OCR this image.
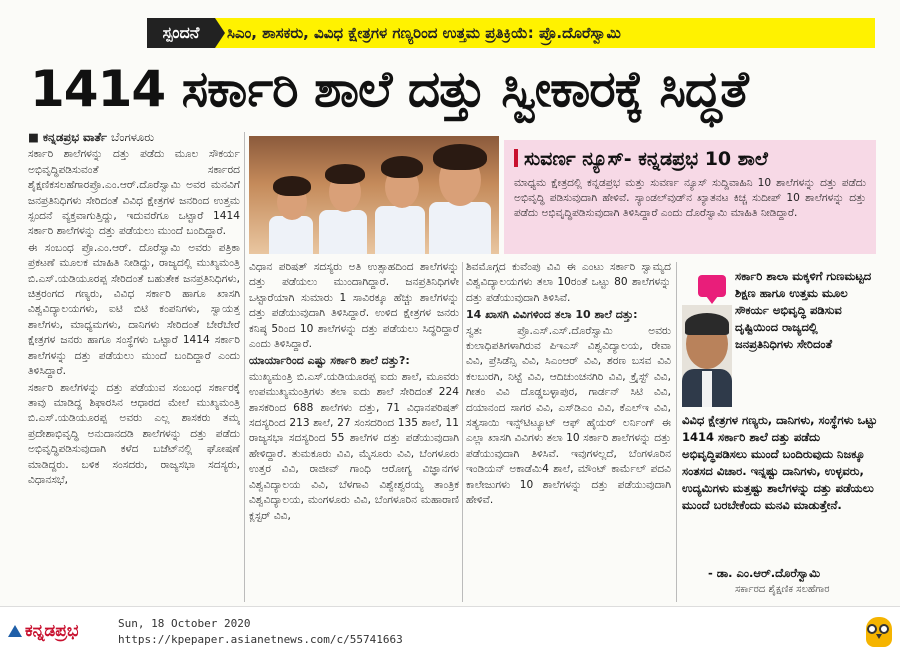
ಸ್ಪಂದನೆ	ಸಿಎಂ, ಶಾಸಕರು, ವಿವಿಧ ಕ್ಷೇತ್ರಗಳ ಗಣ್ಯರಿಂದ ಉತ್ತಮ ಪ್ರತಿಕ್ರಿಯೆ: ಪ್ರೊ.ದೊರೆಸ್ವಾಮಿ
1414 ಸರ್ಕಾರಿ ಶಾಲೆ ದತ್ತು ಸ್ವೀಕಾರಕ್ಕೆ ಸಿದ್ಧತೆ
■ ಕನ್ನಡಪ್ರಭ ವಾರ್ತೆ ಬೆಂಗಳೂರು

ಸರ್ಕಾರಿ ಶಾಲೆಗಳನ್ನು ದತ್ತು ಪಡೆದು ಮೂಲ ಸೌಕರ್ಯ ಅಭಿವೃದ್ಧಿಪಡಿಸುವಂತೆ ಸರ್ಕಾರದ ಶೈಕ್ಷಣಿಕಸಲಹೆಗಾರಪ್ರೊ.ಎಂ.ಆರ್.ದೊರೆಸ್ವಾಮಿ ಅವರ ಮನವಿಗೆ ಜನಪ್ರತಿನಿಧಿಗಳು ಸೇರಿದಂತೆ ವಿವಿಧ ಕ್ಷೇತ್ರಗಳ ಜನರಿಂದ ಉತ್ತಮ ಸ್ಪಂದನೆ ವ್ಯಕ್ತವಾಗುತ್ತಿದ್ದು, ಇದುವರೆಗೂ ಒಟ್ಟಾರೆ 1414 ಸರ್ಕಾರಿ ಶಾಲೆಗಳನ್ನು ದತ್ತು ಪಡೆಯಲು ಮುಂದೆ ಬಂದಿದ್ದಾರೆ.

ಈ ಸಂಬಂಧ ಪ್ರೊ.ಎಂ.ಆರ್. ದೊರೆಸ್ವಾಮಿ ಅವರು ಪತ್ರಿಕಾ ಪ್ರಕಟಣೆ ಮೂಲಕ ಮಾಹಿತಿ ನೀಡಿದ್ದು, ರಾಜ್ಯದಲ್ಲಿ ಮುಖ್ಯಮಂತ್ರಿ ಬಿ.ಎಸ್.ಯಡಿಯೂರಪ್ಪ ಸೇರಿದಂತೆ ಬಹುತೇಕ ಜನಪ್ರತಿನಿಧಿಗಳು, ಚಿತ್ರರಂಗದ ಗಣ್ಯರು, ವಿವಿಧ ಸರ್ಕಾರಿ ಹಾಗೂ ಖಾಸಗಿ ವಿಶ್ವವಿದ್ಯಾಲಯಗಳು, ಐಟಿ ಬಿಟಿ ಕಂಪನಿಗಳು, ಸ್ವಾಯತ್ತ ಶಾಲೆಗಳು, ಮಾಧ್ಯಮಗಳು, ದಾನಿಗಳು ಸೇರಿದಂತೆ ಬೇರೆಬೇರೆ ಕ್ಷೇತ್ರಗಳ ಜನರು ಹಾಗೂ ಸಂಸ್ಥೆಗಳು ಒಟ್ಟಾರೆ 1414 ಸರ್ಕಾರಿ ಶಾಲೆಗಳನ್ನು ದತ್ತು ಪಡೆಯಲು ಮುಂದೆ ಬಂದಿದ್ದಾರೆ ಎಂದು ತಿಳಿಸಿದ್ದಾರೆ.

ಸರ್ಕಾರಿ ಶಾಲೆಗಳನ್ನು ದತ್ತು ಪಡೆಯುವ ಸಂಬಂಧ ಸರ್ಕಾರಕ್ಕೆ ತಾವು ಮಾಡಿದ್ದ ಶಿಫಾರಸಿನ ಆಧಾರದ ಮೇಲೆ ಮುಖ್ಯಮಂತ್ರಿ ಬಿ.ಎಸ್.ಯಡಿಯೂರಪ್ಪ ಅವರು ಎಲ್ಲ ಶಾಸಕರು ತಮ್ಮ ಪ್ರದೇಶಾಭಿವೃದ್ಧಿ ಅನುದಾನದಡಿ ಶಾಲೆಗಳನ್ನು ದತ್ತು ಪಡೆದು ಅಭಿವೃದ್ಧಿಪಡಿಸುವುದಾಗಿ ಕಳೆದ ಬಜೆಟ್‌ನಲ್ಲಿ ಘೋಷಣೆ ಮಾಡಿದ್ದರು. ಬಳಿಕ ಸಂಸದರು, ರಾಜ್ಯಸಭಾ ಸದಸ್ಯರು, ವಿಧಾನಸಭೆ,

ಸುವರ್ಣ ನ್ಯೂಸ್- ಕನ್ನಡಪ್ರಭ 10 ಶಾಲೆ
ಮಾಧ್ಯಮ ಕ್ಷೇತ್ರದಲ್ಲಿ ಕನ್ನಡಪ್ರಭ ಮತ್ತು ಸುವರ್ಣ ನ್ಯೂಸ್ ಸುದ್ದಿವಾಹಿನಿ 10 ಶಾಲೆಗಳನ್ನು ದತ್ತು ಪಡೆದು ಅಭಿವೃದ್ಧಿ ಪಡಿಸುವುದಾಗಿ ಹೇಳಿವೆ. ಸ್ಯಾಂಡಲ್‌ವುಡ್‌ನ ಖ್ಯಾತನಟ ಕಿಚ್ಚ ಸುದೀಪ್ 10 ಶಾಲೆಗಳನ್ನು ದತ್ತು ಪಡೆದು ಅಭಿವೃದ್ಧಿಪಡಿಸುವುದಾಗಿ ತಿಳಿಸಿದ್ದಾರೆ ಎಂದು ದೊರೆಸ್ವಾಮಿ ಮಾಹಿತಿ ನೀಡಿದ್ದಾರೆ.

ವಿಧಾನ ಪರಿಷತ್ ಸದಸ್ಯರು ಅತಿ ಉತ್ಸಾಹದಿಂದ ಶಾಲೆಗಳನ್ನು ದತ್ತು ಪಡೆಯಲು ಮುಂದಾಗಿದ್ದಾರೆ. ಜನಪ್ರತಿನಿಧಿಗಳೇ ಒಟ್ಟಾರೆಯಾಗಿ ಸುಮಾರು 1 ಸಾವಿರಕ್ಕೂ ಹೆಚ್ಚು ಶಾಲೆಗಳನ್ನು ದತ್ತು ಪಡೆಯುವುದಾಗಿ ತಿಳಿಸಿದ್ದಾರೆ. ಉಳಿದ ಕ್ಷೇತ್ರಗಳ ಜನರು ಕನಿಷ್ಠ 5ರಿಂದ 10 ಶಾಲೆಗಳನ್ನು ದತ್ತು ಪಡೆಯಲು ಸಿದ್ಧರಿದ್ದಾರೆ ಎಂದು ತಿಳಿಸಿದ್ದಾರೆ.

ಯಾರ್ಯಾರಿಂದ ಎಷ್ಟು ಸರ್ಕಾರಿ ಶಾಲೆ ದತ್ತು?:

ಮುಖ್ಯಮಂತ್ರಿ ಬಿ.ಎಸ್.ಯಡಿಯೂರಪ್ಪ ಐದು ಶಾಲೆ, ಮೂವರು ಉಪಮುಖ್ಯಮಂತ್ರಿಗಳು ತಲಾ ಐದು ಶಾಲೆ ಸೇರಿದಂತೆ 224 ಶಾಸಕರಿಂದ 688 ಶಾಲೆಗಳು ದತ್ತು, 71 ವಿಧಾನಪರಿಷತ್ ಸದಸ್ಯರಿಂದ 213 ಶಾಲೆ, 27 ಸಂಸದರಿಂದ 135 ಶಾಲೆ, 11 ರಾಜ್ಯಸಭಾ ಸದಸ್ಯರಿಂದ 55 ಶಾಲೆಗಳ ದತ್ತು ಪಡೆಯುವುದಾಗಿ ಹೇಳಿದ್ದಾರೆ. ತುಮಕೂರು ವಿವಿ, ಮೈಸೂರು ವಿವಿ, ಬೆಂಗಳೂರು ಉತ್ತರ ವಿವಿ, ರಾಜೀವ್ ಗಾಂಧಿ ಆರೋಗ್ಯ ವಿಜ್ಞಾನಗಳ ವಿಶ್ವವಿದ್ಯಾಲಯ ವಿವಿ, ಬೆಳಗಾವಿ ವಿಶ್ವೇಶ್ವರಯ್ಯ ತಾಂತ್ರಿಕ ವಿಶ್ವವಿದ್ಯಾಲಯ, ಮಂಗಳೂರು ವಿವಿ, ಬೆಂಗಳೂರಿನ ಮಹಾರಾಣಿ ಕ್ಲಸ್ಟರ್ ವಿವಿ,

ಶಿವಮೊಗ್ಗದ ಕುವೆಂಪು ವಿವಿ ಈ ಎಂಟು ಸರ್ಕಾರಿ ಸ್ವಾಮ್ಯದ ವಿಶ್ವವಿದ್ಯಾಲಯಗಳು ತಲಾ 10ರಂತೆ ಒಟ್ಟು 80 ಶಾಲೆಗಳನ್ನು ದತ್ತು ಪಡೆಯುವುದಾಗಿ ತಿಳಿಸಿವೆ.

14 ಖಾಸಗಿ ವಿವಿಗಳಿಂದ ತಲಾ 10 ಶಾಲೆ ದತ್ತು:

ಸ್ವತಃ ಪ್ರೊ.ಎಸ್.ಎಸ್.ದೊರೆಸ್ವಾಮಿ ಅವರು ಕುಲಾಧಿಪತಿಗಳಾಗಿರುವ ಪಿಇಎಸ್ ವಿಶ್ವವಿದ್ಯಾಲಯ, ರೇವಾ ವಿವಿ, ಪ್ರೆಸಿಡೆನ್ಸಿ ವಿವಿ, ಸಿಎಂಆರ್ ವಿವಿ, ಶರಣ ಬಸವ ವಿವಿ ಕಲಬುರಗಿ, ನಿಟ್ಟೆ ವಿವಿ, ಆದಿಚುಂಚನಗಿರಿ ವಿವಿ, ಕ್ರೈಸ್ಟ್ ವಿವಿ, ಗೀತಂ ವಿವಿ ದೊಡ್ಡಬಳ್ಳಾಪುರ, ಗಾರ್ಡನ್ ಸಿಟಿ ವಿವಿ, ದಯಾನಂದ ಸಾಗರ ವಿವಿ, ಎಸ್‌ಡಿಎಂ ವಿವಿ, ಕೆಎಲ್‌ಇ ವಿವಿ, ಸತ್ಯಸಾಯಿ ಇನ್ಸ್‌ಟಿಟ್ಯೂಟ್ ಆಫ್ ಹೈಯರ್ ಲರ್ನಿಂಗ್ ಈ ಎಲ್ಲಾ ಖಾಸಗಿ ವಿವಿಗಳು ತಲಾ 10 ಸರ್ಕಾರಿ ಶಾಲೆಗಳನ್ನು ದತ್ತು ಪಡೆಯುವುದಾಗಿ ತಿಳಿಸಿವೆ. ಇವುಗಳಲ್ಲದೆ, ಬೆಂಗಳೂರಿನ ಇಂಡಿಯನ್ ಅಕಾಡೆಮಿ4 ಶಾಲೆ, ಮೌಂಟ್ ಕಾರ್ಮೆಲ್ ಪದವಿ ಕಾಲೇಜುಗಳು 10 ಶಾಲೆಗಳನ್ನು ದತ್ತು ಪಡೆಯುವುದಾಗಿ ಹೇಳಿವೆ.

ಸರ್ಕಾರಿ ಶಾಲಾ ಮಕ್ಕಳಿಗೆ ಗುಣಮಟ್ಟದ ಶಿಕ್ಷಣ ಹಾಗೂ ಉತ್ತಮ ಮೂಲ ಸೌಕರ್ಯ ಅಭಿವೃದ್ಧಿ ಪಡಿಸುವ ದೃಷ್ಟಿಯಿಂದ ರಾಜ್ಯದಲ್ಲಿ ಜನಪ್ರತಿನಿಧಿಗಳು ಸೇರಿದಂತೆ
ವಿವಿಧ ಕ್ಷೇತ್ರಗಳ ಗಣ್ಯರು, ದಾನಿಗಳು, ಸಂಸ್ಥೆಗಳು ಒಟ್ಟು 1414 ಸರ್ಕಾರಿ ಶಾಲೆ ದತ್ತು ಪಡೆದು ಅಭಿವೃದ್ಧಿಪಡಿಸಲು ಮುಂದೆ ಬಂದಿರುವುದು ನಿಜಕ್ಕೂ ಸಂತಸದ ವಿಚಾರ. ಇನ್ನಷ್ಟು ದಾನಿಗಳು, ಉಳ್ಳವರು, ಉದ್ಯಮಿಗಳು ಮತ್ತಷ್ಟು ಶಾಲೆಗಳನ್ನು ದತ್ತು ಪಡೆಯಲು ಮುಂದೆ ಬರಬೇಕೆಂದು ಮನವಿ ಮಾಡುತ್ತೇನೆ.
- ಡಾ. ಎಂ.ಆರ್.ದೊರೆಸ್ವಾಮಿ
ಸರ್ಕಾರದ ಶೈಕ್ಷಣಿಕ ಸಲಹೆಗಾರ
ಕನ್ನಡಪ್ರಭ	Sun, 18 October 2020
https://kpepaper.asianetnews.com/c/55741663
